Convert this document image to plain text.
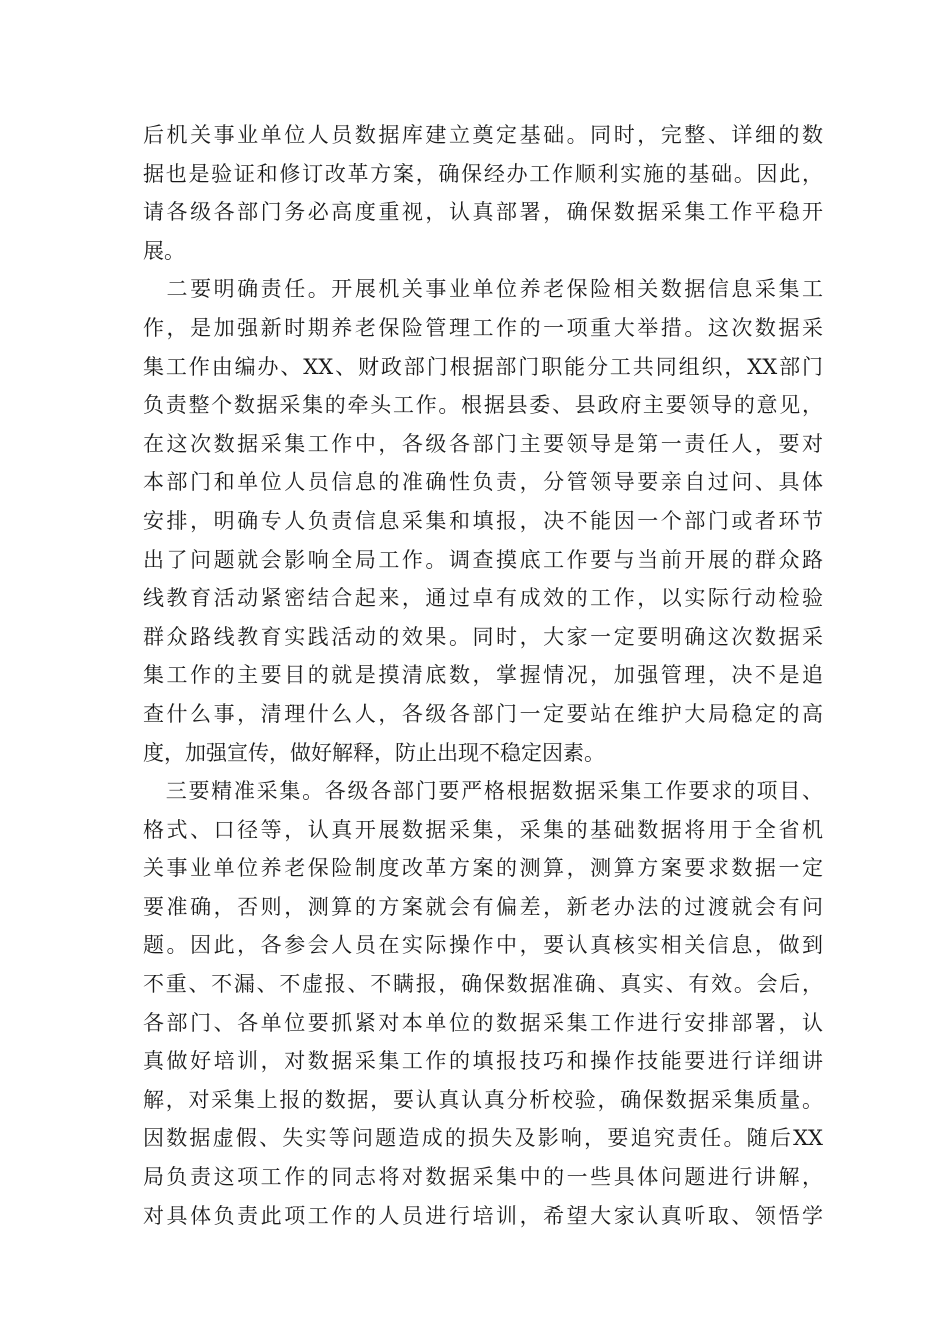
后机关事业单位人员数据库建立奠定基础。同时，完整、详细的数
据也是验证和修订改革方案，确保经办工作顺利实施的基础。因此，
请各级各部门务必高度重视，认真部署，确保数据采集工作平稳开
展。
　二要明确责任。开展机关事业单位养老保险相关数据信息采集工
作，是加强新时期养老保险管理工作的一项重大举措。这次数据采
集工作由编办、XX、财政部门根据部门职能分工共同组织，XX部门
负责整个数据采集的牵头工作。根据县委、县政府主要领导的意见，
在这次数据采集工作中，各级各部门主要领导是第一责任人，要对
本部门和单位人员信息的准确性负责，分管领导要亲自过问、具体
安排，明确专人负责信息采集和填报，决不能因一个部门或者环节
出了问题就会影响全局工作。调查摸底工作要与当前开展的群众路
线教育活动紧密结合起来，通过卓有成效的工作，以实际行动检验
群众路线教育实践活动的效果。同时，大家一定要明确这次数据采
集工作的主要目的就是摸清底数，掌握情况，加强管理，决不是追
查什么事，清理什么人，各级各部门一定要站在维护大局稳定的高
度，加强宣传，做好解释，防止出现不稳定因素。
　三要精准采集。各级各部门要严格根据数据采集工作要求的项目、
格式、口径等，认真开展数据采集，采集的基础数据将用于全省机
关事业单位养老保险制度改革方案的测算，测算方案要求数据一定
要准确，否则，测算的方案就会有偏差，新老办法的过渡就会有问
题。因此，各参会人员在实际操作中，要认真核实相关信息，做到
不重、不漏、不虚报、不瞒报，确保数据准确、真实、有效。会后，
各部门、各单位要抓紧对本单位的数据采集工作进行安排部署，认
真做好培训，对数据采集工作的填报技巧和操作技能要进行详细讲
解，对采集上报的数据，要认真认真分析校验，确保数据采集质量。
因数据虚假、失实等问题造成的损失及影响，要追究责任。随后XX
局负责这项工作的同志将对数据采集中的一些具体问题进行讲解，
对具体负责此项工作的人员进行培训，希望大家认真听取、领悟学
